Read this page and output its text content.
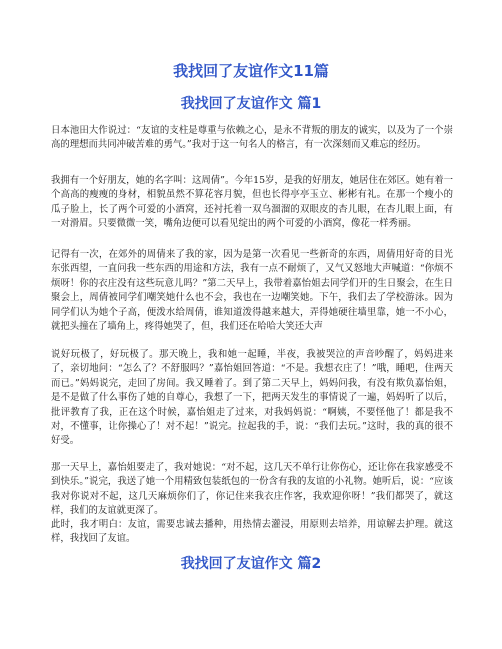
我找回了友谊作文11篇
我找回了友谊作文 篇1

日本池田大作说过：“友谊的支柱是尊重与依赖之心，是永不背叛的朋友的诚实，以及为了一个崇高的理想而共同冲破苦难的勇气。”我对于这一句名人的格言，有一次深刻而又难忘的经历。

我拥有一个好朋友，她的名字叫：这周倩”。今年15岁，是我的好朋友，她居住在郊区。她有着一个高高的瘦瘦的身材，相貌虽然不算花容月貌，但也长得亭亭玉立、彬彬有礼。在那一个瘦小的瓜子脸上，长了两个可爱的小酒窝，还衬托着一双乌溜溜的双眼皮的杏儿眼，在杏儿眼上面，有一对滑眉。只要微微一笑，嘴角边便可以看见绽出的两个可爱的小酒窝，像花一样秀丽。

记得有一次，在郊外的周倩来了我的家，因为是第一次看见一些新奇的东西，周倩用好奇的目光东张西望，一直问我一些东西的用途和方法，我有一点不耐烦了，又气又怒地大声喊道：“你烦不烦呀！你的衣庄没有这些玩意儿吗？”第二天早上，我带着嘉怡姐去同学们开的生日聚会，在生日聚会上，周倩被同学们嘲笑她什么也不会，我也在一边嘲笑她。下午，我们去了学校游泳。因为同学们认为她个子高，便泼水给周倩，谁知道泼得越来越大，弄得她硬往墙里靠，她一不小心，就把头撞在了墙角上，疼得她哭了，但，我们还在哈哈大笑还大声

说好玩极了，好玩极了。那天晚上，我和她一起睡，半夜，我被哭泣的声音吵醒了，妈妈进来了，亲切地问：“怎么了？不舒服吗？”嘉怡姐回答道：“不是。我想衣庄了！”哦，睡吧，住两天而已。”妈妈说完，走回了房间。我又睡着了。到了第二天早上，妈妈问我，有没有欺负嘉怡姐，是不是做了什么事伤了她的自尊心，我想了一下，把两天发生的事情说了一遍，妈妈听了以后，批评教育了我，正在这个时候，嘉怡姐走了过来，对我妈妈说：“啊姨，不要怪他了！都是我不对，不懂事，让你操心了！对不起！”说完。拉起我的手，说：“我们去玩。”这时，我的真的很不好受。

那一天早上，嘉怡姐要走了，我对她说：“对不起，这几天不单行让你伤心，还让你在我家感受不到快乐。”说完，我送了她一个用精致包装纸包的一份含有我的友谊的小礼物。她听后，说：“应该我对你说对不起，这几天麻烦你们了，你记住来我衣庄作客，我欢迎你呀！”我们都哭了，就这样，我们的友谊就更深了。

此时，我才明白：友谊，需要忠诚去播种，用热情去灌浸，用原则去培养，用谅解去护理。就这样，我找回了友谊。

我找回了友谊作文 篇2
